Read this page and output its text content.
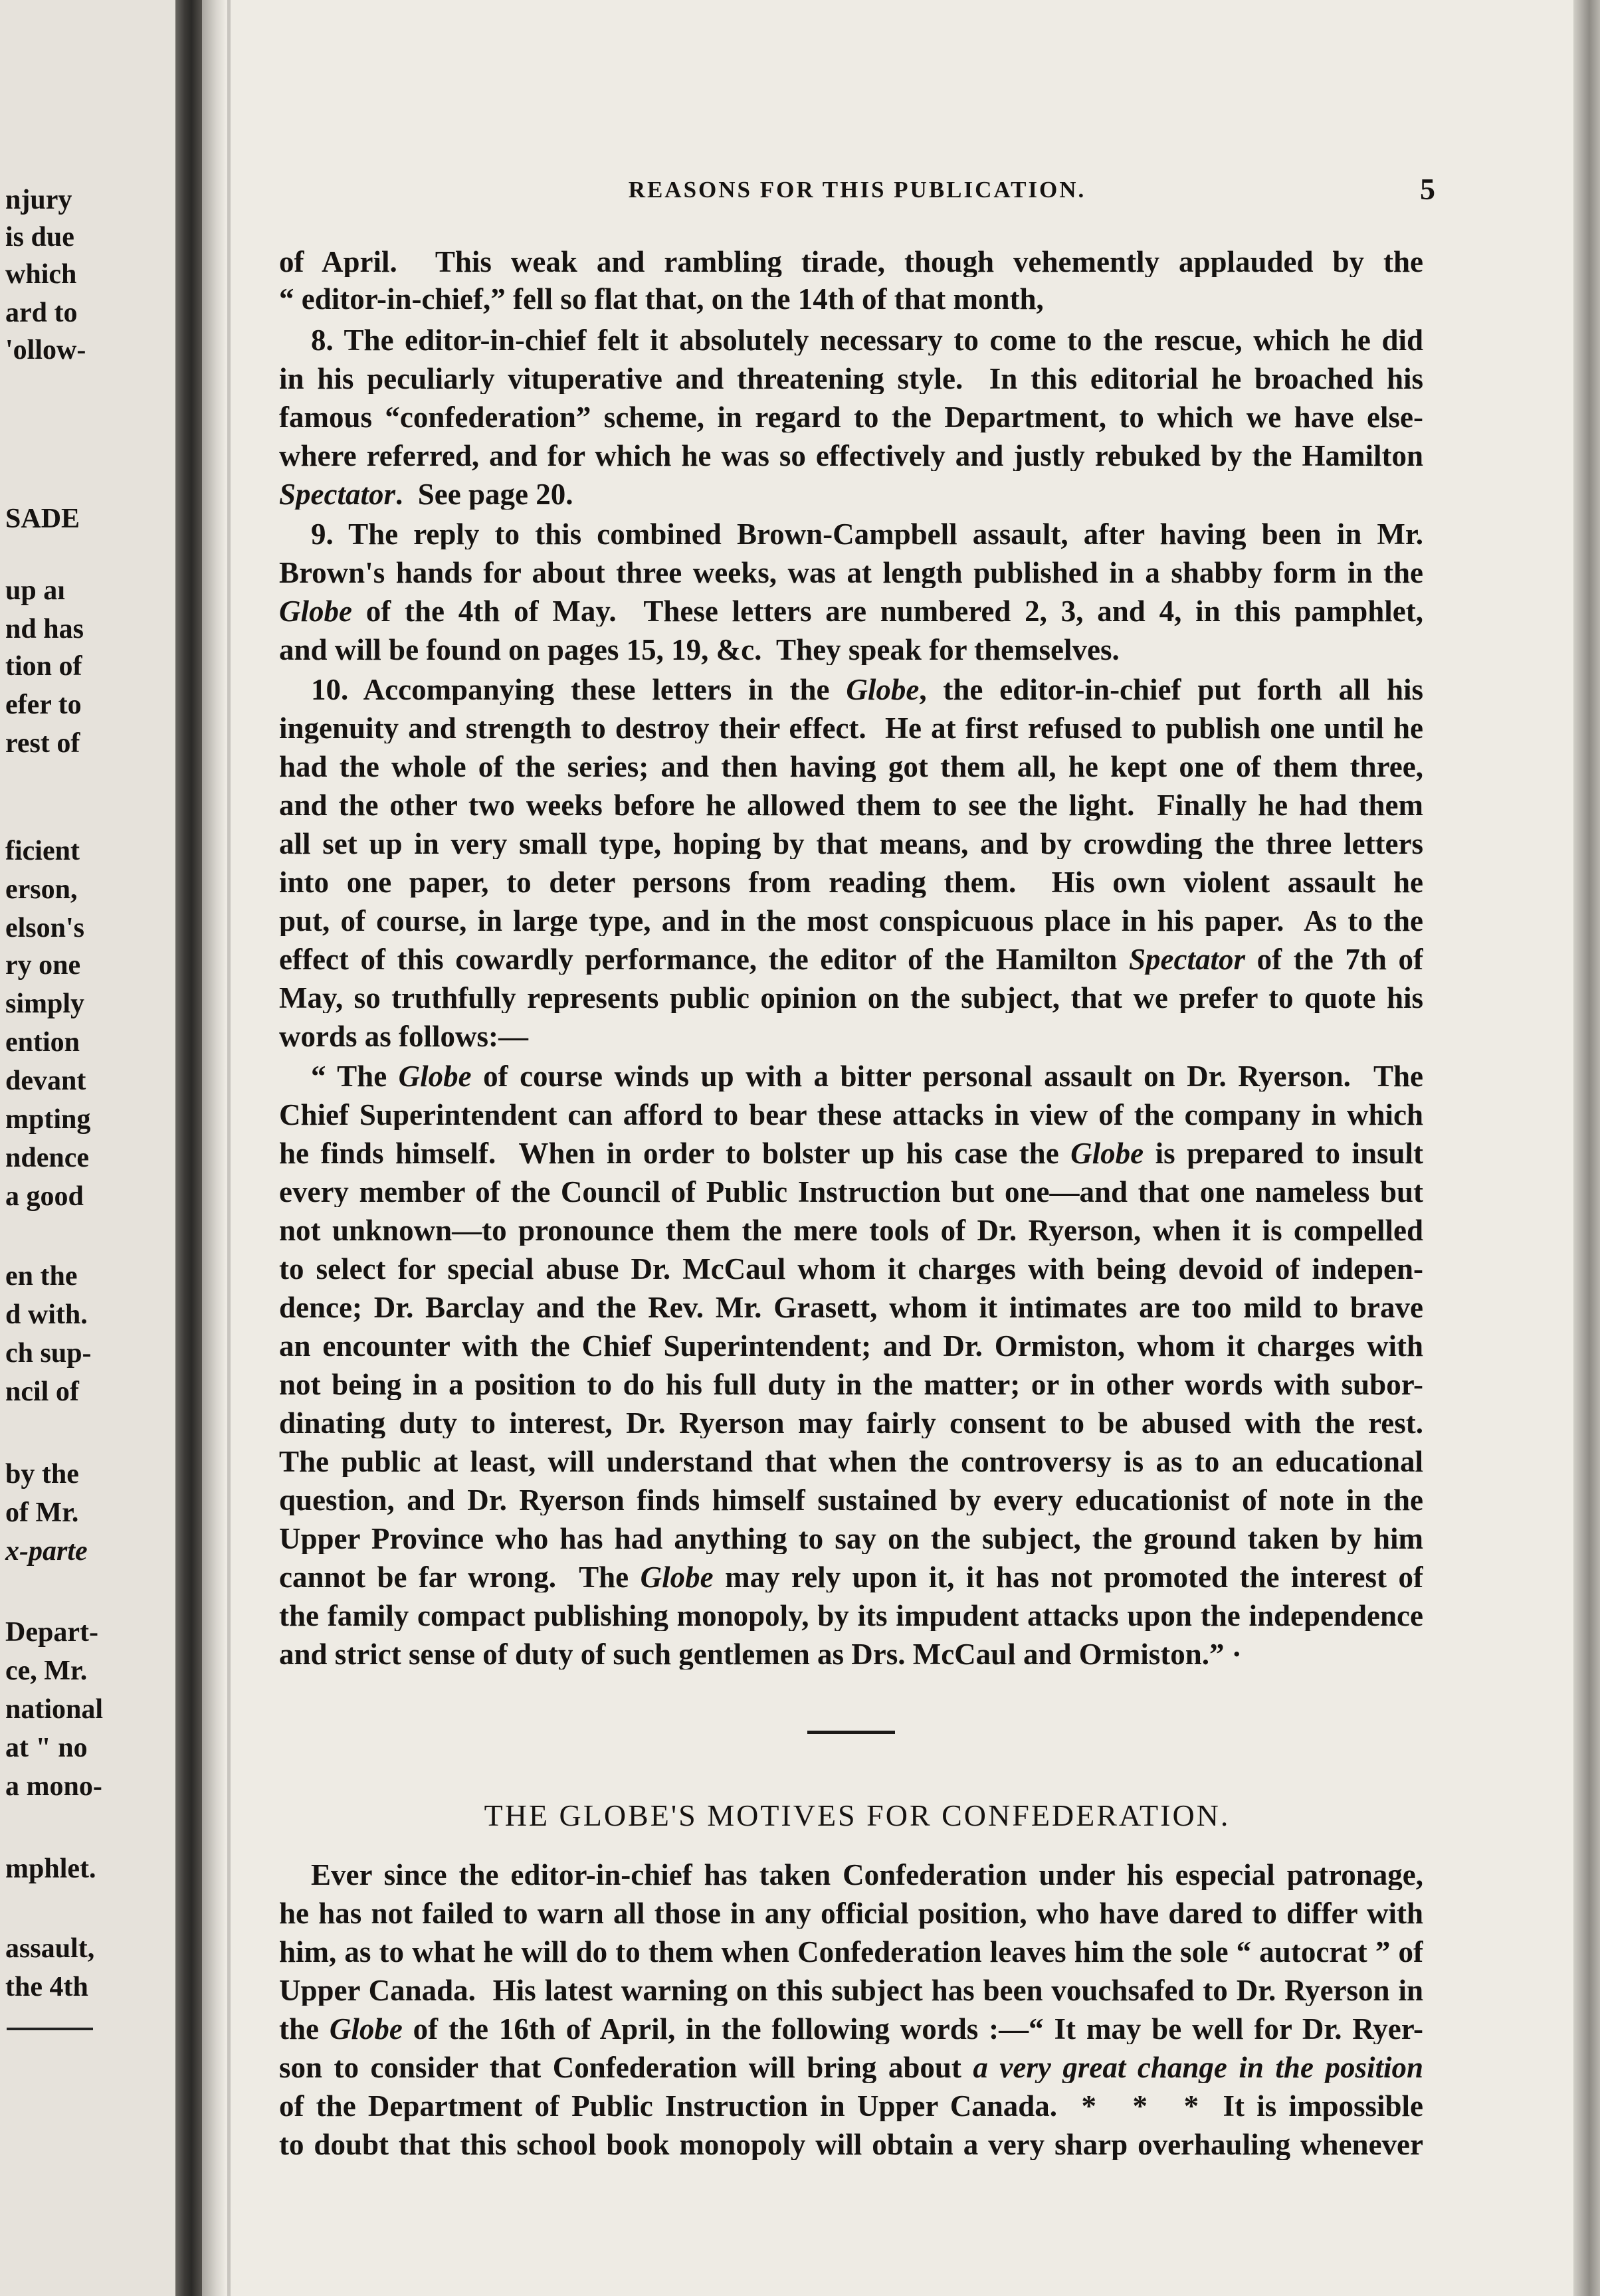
njury
is due
which
ard to
'ollow-
SADE
up aı
nd has
tion of
efer to
rest of
ficient
erson,
elson's
ry one
simply
ention
devant
mpting
ndence
a good
en the
d with.
ch sup-
ncil of
by the
of Mr.
x-parte
Depart-
ce, Mr.
national
at " no
a mono-
mphlet.
assault,
the 4th
REASONS FOR THIS PUBLICATION.	5
of April.  This weak and rambling tirade, though vehemently applauded by the
“ editor-in-chief,” fell so flat that, on the 14th of that month,
8. The editor-in-chief felt it absolutely necessary to come to the rescue, which he did
in his peculiarly vituperative and threatening style.  In this editorial he broached his
famous “confederation” scheme, in regard to the Department, to which we have else-
where referred, and for which he was so effectively and justly rebuked by the Hamilton
Spectator.  See page 20.
9. The reply to this combined Brown-Campbell assault, after having been in Mr.
Brown's hands for about three weeks, was at length published in a shabby form in the
Globe of the 4th of May.  These letters are numbered 2, 3, and 4, in this pamphlet,
and will be found on pages 15, 19, &c.  They speak for themselves.
10. Accompanying these letters in the Globe, the editor-in-chief put forth all his
ingenuity and strength to destroy their effect.  He at first refused to publish one until he
had the whole of the series; and then having got them all, he kept one of them three,
and the other two weeks before he allowed them to see the light.  Finally he had them
all set up in very small type, hoping by that means, and by crowding the three letters
into one paper, to deter persons from reading them.  His own violent assault he
put, of course, in large type, and in the most conspicuous place in his paper.  As to the
effect of this cowardly performance, the editor of the Hamilton Spectator of the 7th of
May, so truthfully represents public opinion on the subject, that we prefer to quote his
words as follows:—
“ The Globe of course winds up with a bitter personal assault on Dr. Ryerson.  The
Chief Superintendent can afford to bear these attacks in view of the company in which
he finds himself.  When in order to bolster up his case the Globe is prepared to insult
every member of the Council of Public Instruction but one—and that one nameless but
not unknown—to pronounce them the mere tools of Dr. Ryerson, when it is compelled
to select for special abuse Dr. McCaul whom it charges with being devoid of indepen-
dence; Dr. Barclay and the Rev. Mr. Grasett, whom it intimates are too mild to brave
an encounter with the Chief Superintendent; and Dr. Ormiston, whom it charges with
not being in a position to do his full duty in the matter; or in other words with subor-
dinating duty to interest, Dr. Ryerson may fairly consent to be abused with the rest.
The public at least, will understand that when the controversy is as to an educational
question, and Dr. Ryerson finds himself sustained by every educationist of note in the
Upper Province who has had anything to say on the subject, the ground taken by him
cannot be far wrong.  The Globe may rely upon it, it has not promoted the interest of
the family compact publishing monopoly, by its impudent attacks upon the independence
and strict sense of duty of such gentlemen as Drs. McCaul and Ormiston.” ·
Ever since the editor-in-chief has taken Confederation under his especial patronage,
he has not failed to warn all those in any official position, who have dared to differ with
him, as to what he will do to them when Confederation leaves him the sole “ autocrat ” of
Upper Canada.  His latest warning on this subject has been vouchsafed to Dr. Ryerson in
the Globe of the 16th of April, in the following words :—“ It may be well for Dr. Ryer-
son to consider that Confederation will bring about a very great change in the position
of the Department of Public Instruction in Upper Canada.  *   *   *  It is impossible
to doubt that this school book monopoly will obtain a very sharp overhauling whenever
THE GLOBE'S MOTIVES FOR CONFEDERATION.
